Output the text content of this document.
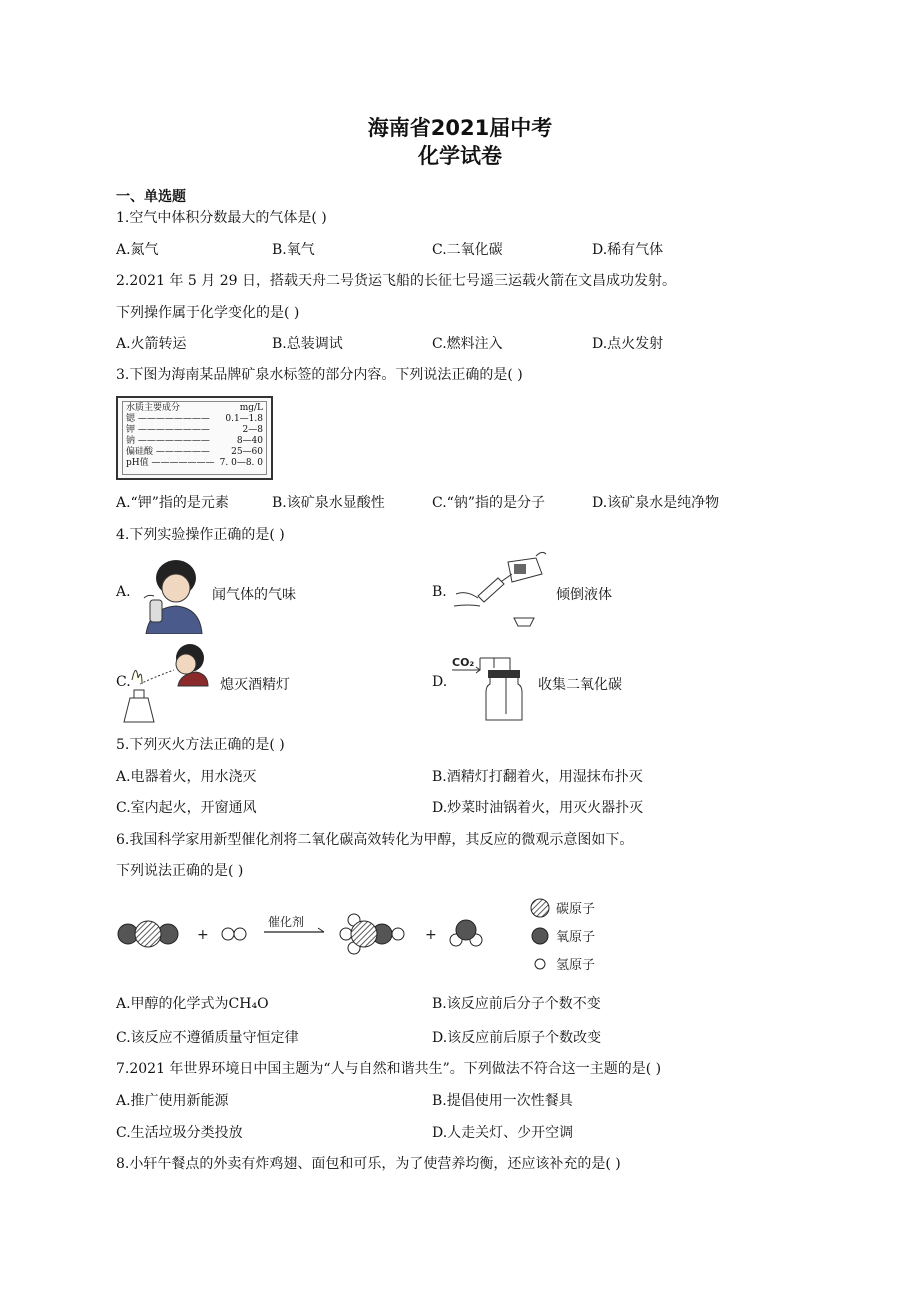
海南省2021届中考
化学试卷
一、单选题
1.空气中体积分数最大的气体是( )
A.氮气	B.氧气	C.二氧化碳	D.稀有气体
2.2021 年 5 月 29 日，搭载天舟二号货运飞船的长征七号遥三运载火箭在文昌成功发射。
下列操作属于化学变化的是( )
A.火箭转运	B.总装调试	C.燃料注入	D.点火发射
3.下图为海南某品牌矿泉水标签的部分内容。下列说法正确的是( )
水质主要成分	mg/L
锶 ———————— 0.1—1.8
钾 ————————	2—8
钠 ————————	8—40
偏硅酸 —————— 25—60
pH值 ——————— 7. 0—8. 0
A.“钾”指的是元素	B.该矿泉水显酸性	C.“钠”指的是分子	D.该矿泉水是纯净物
4.下列实验操作正确的是( )
A.	闻气体的气味	B.	倾倒液体
C.	熄灭酒精灯	D.
CO₂
收集二氧化碳
5.下列灭火方法正确的是( )
A.电器着火，用水浇灭	B.酒精灯打翻着火，用湿抹布扑灭
C.室内起火，开窗通风	D.炒菜时油锅着火，用灭火器扑灭
6.我国科学家用新型催化剂将二氧化碳高效转化为甲醇，其反应的微观示意图如下。
下列说法正确的是( )
+
催化剂
+
碳原子
氧原子
氢原子
A.甲醇的化学式为CH₄O	B.该反应前后分子个数不变
C.该反应不遵循质量守恒定律	D.该反应前后原子个数改变
7.2021 年世界环境日中国主题为“人与自然和谐共生”。下列做法不符合这一主题的是( )
A.推广使用新能源	B.提倡使用一次性餐具
C.生活垃圾分类投放	D.人走关灯、少开空调
8.小轩午餐点的外卖有炸鸡翅、面包和可乐，为了使营养均衡，还应该补充的是( )
